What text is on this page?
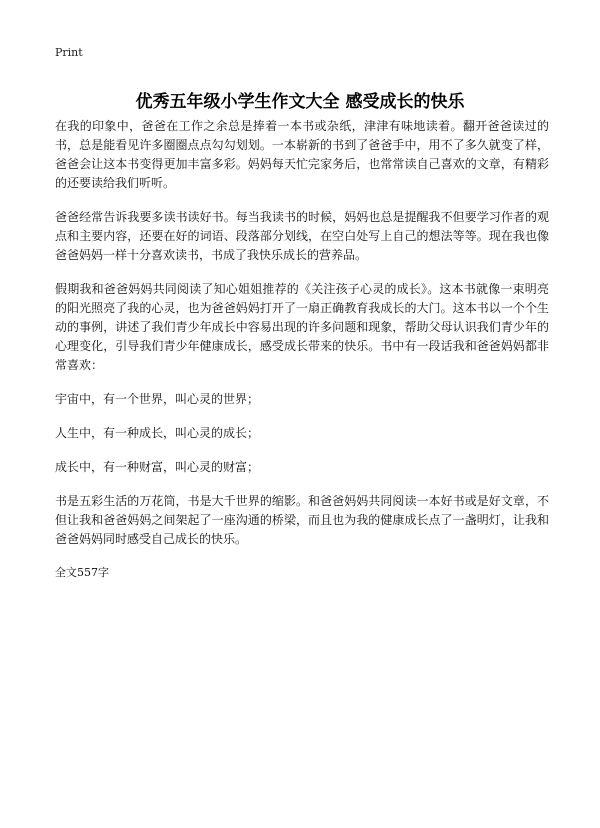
Print
优秀五年级小学生作文大全 感受成长的快乐

在我的印象中，爸爸在工作之余总是捧着一本书或杂纸，津津有味地读着。翻开爸爸读过的书，总是能看见许多圈圈点点勾勾划划。一本崭新的书到了爸爸手中，用不了多久就变了样，爸爸会让这本书变得更加丰富多彩。妈妈每天忙完家务后，也常常读自己喜欢的文章，有精彩的还要读给我们听听。

爸爸经常告诉我要多读书读好书。每当我读书的时候，妈妈也总是提醒我不但要学习作者的观点和主要内容，还要在好的词语、段落部分划线，在空白处写上自己的想法等等。现在我也像爸爸妈妈一样十分喜欢读书，书成了我快乐成长的营养品。

假期我和爸爸妈妈共同阅读了知心姐姐推荐的《关注孩子心灵的成长》。这本书就像一束明亮的阳光照亮了我的心灵，也为爸爸妈妈打开了一扇正确教育我成长的大门。这本书以一个个生动的事例，讲述了我们青少年成长中容易出现的许多问题和现象，帮助父母认识我们青少年的心理变化，引导我们青少年健康成长，感受成长带来的快乐。书中有一段话我和爸爸妈妈都非常喜欢：

宇宙中，有一个世界，叫心灵的世界；

人生中，有一种成长，叫心灵的成长；

成长中，有一种财富，叫心灵的财富；

书是五彩生活的万花筒，书是大千世界的缩影。和爸爸妈妈共同阅读一本好书或是好文章，不但让我和爸爸妈妈之间架起了一座沟通的桥梁，而且也为我的健康成长点了一盏明灯，让我和爸爸妈妈同时感受自己成长的快乐。

全文557字
